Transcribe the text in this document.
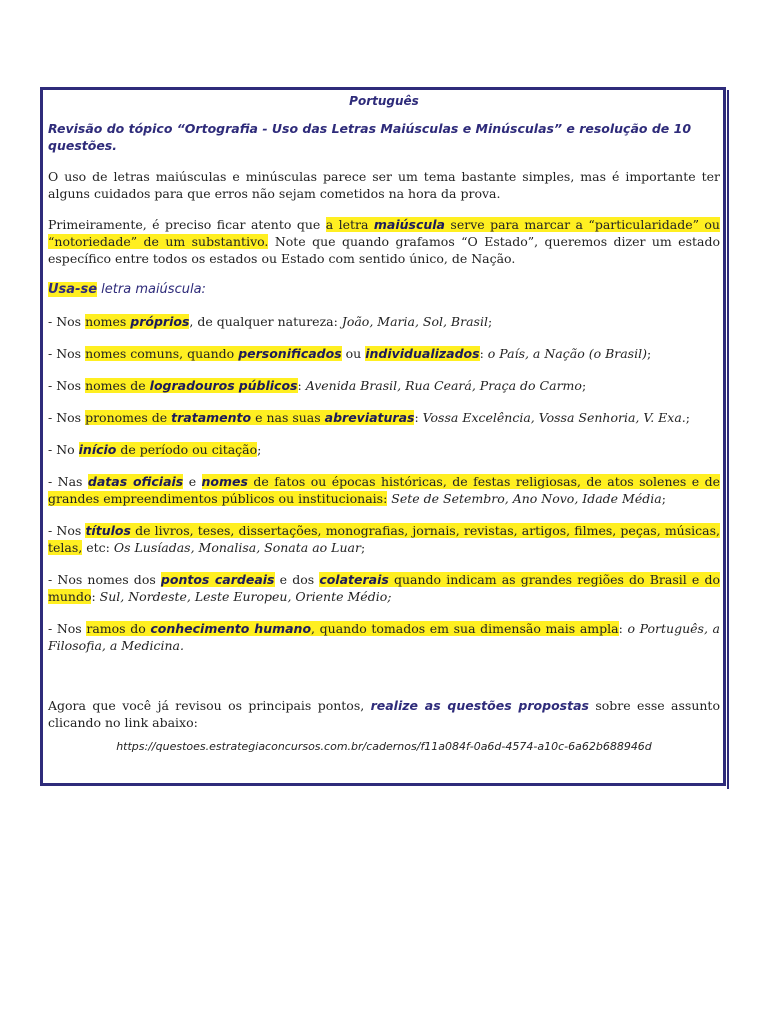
Português
Revisão do tópico “Ortografia - Uso das Letras Maiúsculas e Minúsculas” e resolução de 10 questões.

O uso de letras maiúsculas e minúsculas parece ser um tema bastante simples, mas é importante ter alguns cuidados para que erros não sejam cometidos na hora da prova.

Primeiramente, é preciso ficar atento que a letra maiúscula serve para marcar a “particularidade” ou “notoriedade” de um substantivo. Note que quando grafamos “O Estado”, queremos dizer um estado específico entre todos os estados ou Estado com sentido único, de Nação.

Usa-se letra maiúscula:

- Nos nomes próprios, de qualquer natureza: João, Maria, Sol, Brasil;

- Nos nomes comuns, quando personificados ou individualizados: o País, a Nação (o Brasil);

- Nos nomes de logradouros públicos: Avenida Brasil, Rua Ceará, Praça do Carmo;

- Nos pronomes de tratamento e nas suas abreviaturas: Vossa Excelência, Vossa Senhoria, V. Exa.;

- No início de período ou citação;

- Nas datas oficiais e nomes de fatos ou épocas históricas, de festas religiosas, de atos solenes e de grandes empreendimentos públicos ou institucionais: Sete de Setembro, Ano Novo, Idade Média;

- Nos títulos de livros, teses, dissertações, monografias, jornais, revistas, artigos, filmes, peças, músicas, telas, etc: Os Lusíadas, Monalisa, Sonata ao Luar;

- Nos nomes dos pontos cardeais e dos colaterais quando indicam as grandes regiões do Brasil e do mundo: Sul, Nordeste, Leste Europeu, Oriente Médio;

- Nos ramos do conhecimento humano, quando tomados em sua dimensão mais ampla: o Português, a Filosofia, a Medicina.

Agora que você já revisou os principais pontos, realize as questões propostas sobre esse assunto clicando no link abaixo:

https://questoes.estrategiaconcursos.com.br/cadernos/f11a084f-0a6d-4574-a10c-6a62b688946d
